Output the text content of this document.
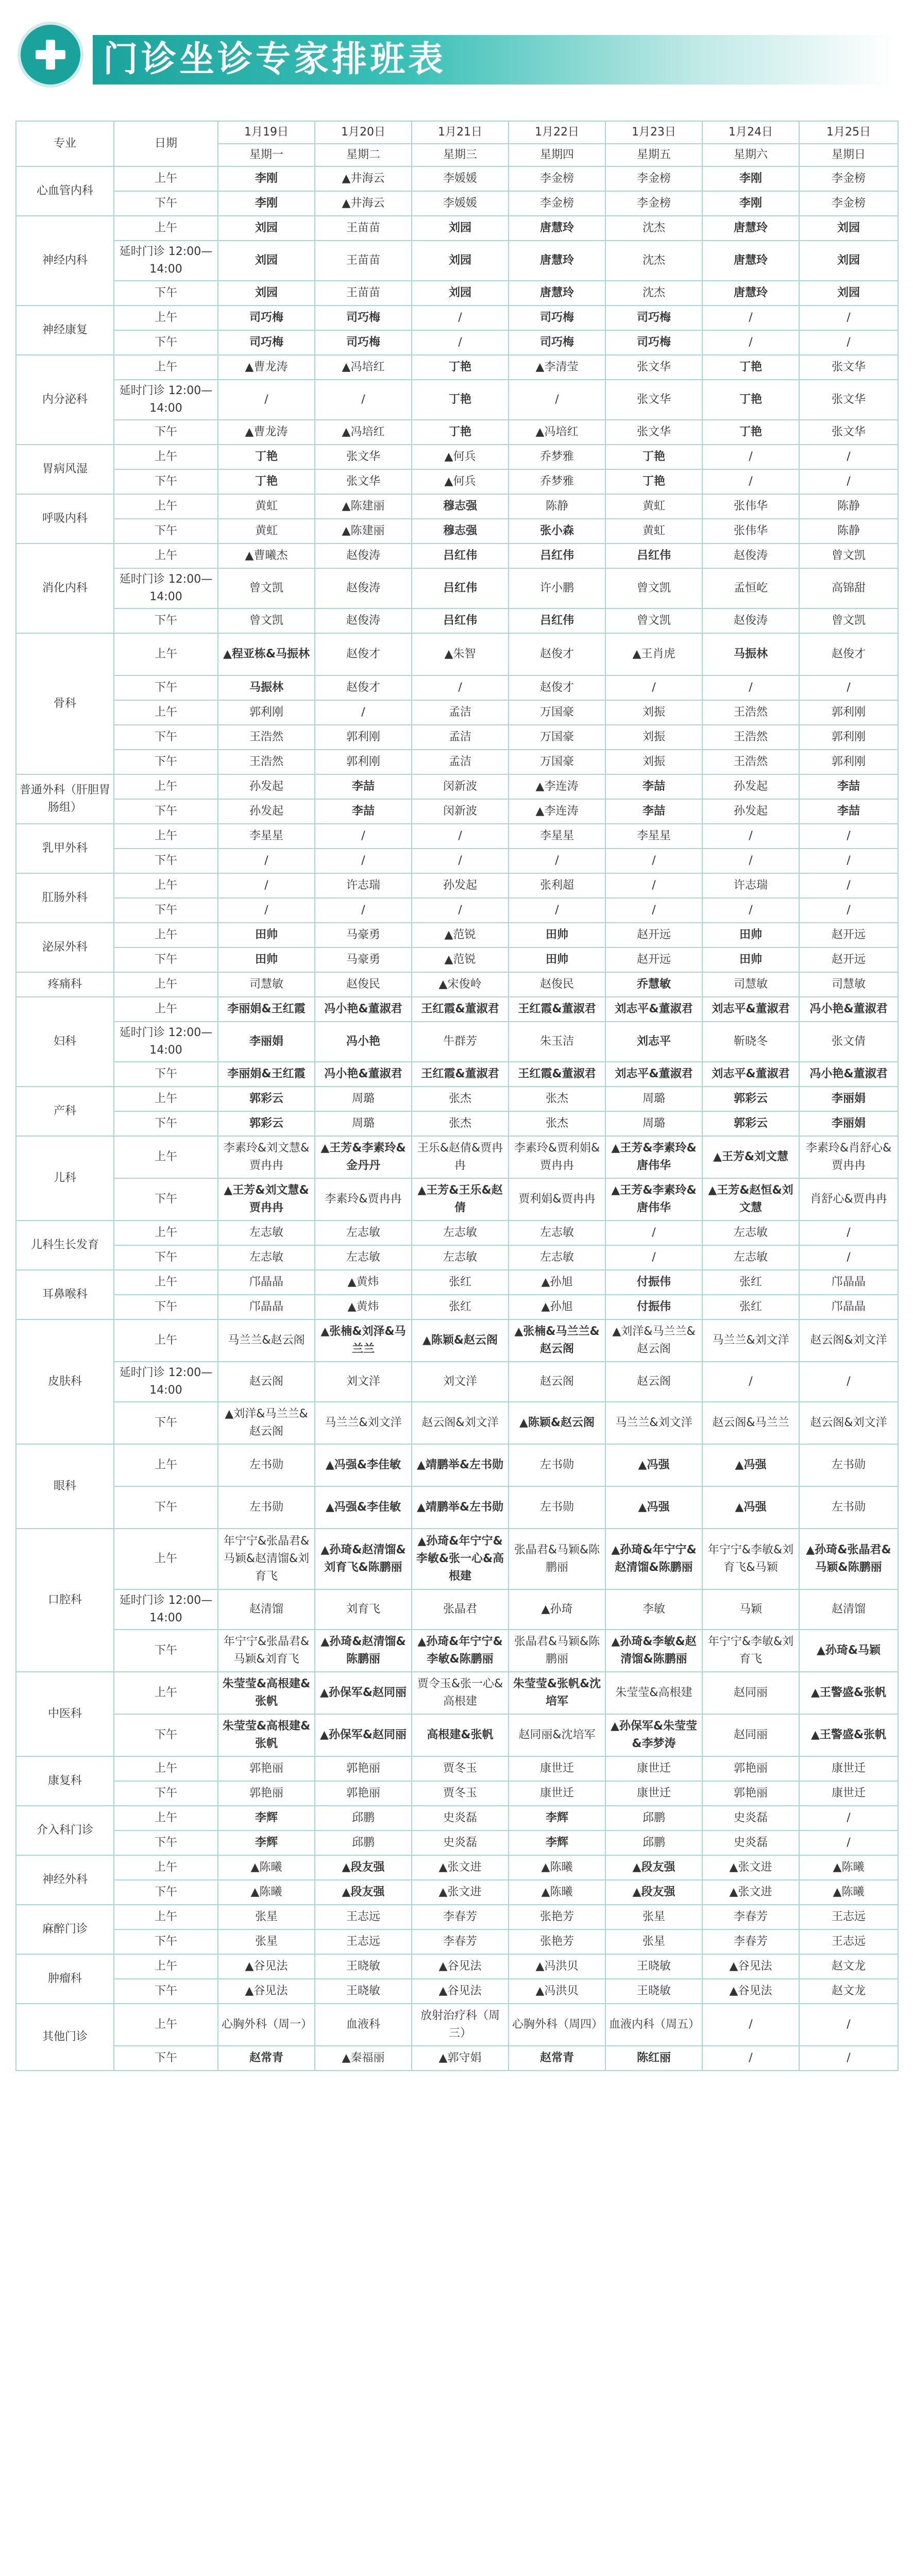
门诊坐诊专家排班表
专业	日期	1月19日	1月20日	1月21日	1月22日	1月23日	1月24日	1月25日
		星期一	星期二	星期三	星期四	星期五	星期六	星期日
心血管内科	上午	李刚	▲井海云	李媛媛	李金榜	李金榜	李刚	李金榜
	下午	李刚	▲井海云	李媛媛	李金榜	李金榜	李刚	李金榜
神经内科	上午	刘园	王苗苗	刘园	唐慧玲	沈杰	唐慧玲	刘园
	延时门诊 12:00—14:00	刘园	王苗苗	刘园	唐慧玲	沈杰	唐慧玲	刘园
	下午	刘园	王苗苗	刘园	唐慧玲	沈杰	唐慧玲	刘园
神经康复	上午	司巧梅	司巧梅	/	司巧梅	司巧梅	/	/
	下午	司巧梅	司巧梅	/	司巧梅	司巧梅	/	/
内分泌科	上午	▲曹龙涛	▲冯培红	丁艳	▲李清莹	张文华	丁艳	张文华
	延时门诊 12:00—14:00	/	/	丁艳	/	张文华	丁艳	张文华
	下午	▲曹龙涛	▲冯培红	丁艳	▲冯培红	张文华	丁艳	张文华
胃病风湿	上午	丁艳	张文华	▲何兵	乔梦雅	丁艳	/	/
	下午	丁艳	张文华	▲何兵	乔梦雅	丁艳	/	/
呼吸内科	上午	黄虹	▲陈建丽	穆志强	陈静	黄虹	张伟华	陈静
	下午	黄虹	▲陈建丽	穆志强	张小森	黄虹	张伟华	陈静
消化内科	上午	▲曹曦杰	赵俊涛	吕红伟	吕红伟	吕红伟	赵俊涛	曾文凯
	延时门诊 12:00—14:00	曾文凯	赵俊涛	吕红伟	许小鹏	曾文凯	孟恒屹	高锦甜
	下午	曾文凯	赵俊涛	吕红伟	吕红伟	曾文凯	赵俊涛	曾文凯
骨科	上午	▲程亚栋&马振林	赵俊才	▲朱智	赵俊才	▲王肖虎	马振林	赵俊才
	下午	马振林	赵俊才	/	赵俊才	/	/	/
	上午	郭利刚	/	孟洁	万国豪	刘振	王浩然	郭利刚
	下午	王浩然	郭利刚	孟洁	万国豪	刘振	王浩然	郭利刚
	下午	王浩然	郭利刚	孟洁	万国豪	刘振	王浩然	郭利刚
普通外科（肝胆胃肠组）	上午	孙发起	李喆	闵新波	▲李连涛	李喆	孙发起	李喆
	下午	孙发起	李喆	闵新波	▲李连涛	李喆	孙发起	李喆
乳甲外科	上午	李星星	/	/	李星星	李星星	/	/
	下午	/	/	/	/	/	/	/
肛肠外科	上午	/	许志瑞	孙发起	张利超	/	许志瑞	/
	下午	/	/	/	/	/	/	/
泌尿外科	上午	田帅	马豪勇	▲范锐	田帅	赵开远	田帅	赵开远
	下午	田帅	马豪勇	▲范锐	田帅	赵开远	田帅	赵开远
疼痛科	上午	司慧敏	赵俊民	▲宋俊岭	赵俊民	乔慧敏	司慧敏	司慧敏
妇科	上午	李丽娟&王红霞	冯小艳&董淑君	王红霞&董淑君	王红霞&董淑君	刘志平&董淑君	刘志平&董淑君	冯小艳&董淑君
	延时门诊 12:00—14:00	李丽娟	冯小艳	牛群芳	朱玉洁	刘志平	靳晓冬	张文倩
	下午	李丽娟&王红霞	冯小艳&董淑君	王红霞&董淑君	王红霞&董淑君	刘志平&董淑君	刘志平&董淑君	冯小艳&董淑君
产科	上午	郭彩云	周璐	张杰	张杰	周璐	郭彩云	李丽娟
	下午	郭彩云	周璐	张杰	张杰	周璐	郭彩云	李丽娟
儿科	上午	李素玲&刘文慧&贾冉冉	▲王芳&李素玲&金丹丹	王乐&赵倩&贾冉冉	李素玲&贾利娟&贾冉冉	▲王芳&李素玲&唐伟华	▲王芳&刘文慧	李素玲&肖舒心&贾冉冉
	下午	▲王芳&刘文慧&贾冉冉	李素玲&贾冉冉	▲王芳&王乐&赵倩	贾利娟&贾冉冉	▲王芳&李素玲&唐伟华	▲王芳&赵恒&刘文慧	肖舒心&贾冉冉
儿科生长发育	上午	左志敏	左志敏	左志敏	左志敏	/	左志敏	/
	下午	左志敏	左志敏	左志敏	左志敏	/	左志敏	/
耳鼻喉科	上午	邝晶晶	▲黄炜	张红	▲孙旭	付振伟	张红	邝晶晶
	下午	邝晶晶	▲黄炜	张红	▲孙旭	付振伟	张红	邝晶晶
皮肤科	上午	马兰兰&赵云阁	▲张楠&刘泽&马兰兰	▲陈颖&赵云阁	▲张楠&马兰兰&赵云阁	▲刘洋&马兰兰&赵云阁	马兰兰&刘文洋	赵云阁&刘文洋
	延时门诊 12:00—14:00	赵云阁	刘文洋	刘文洋	赵云阁	赵云阁	/	/
	下午	▲刘洋&马兰兰&赵云阁	马兰兰&刘文洋	赵云阁&刘文洋	▲陈颖&赵云阁	马兰兰&刘文洋	赵云阁&马兰兰	赵云阁&刘文洋
眼科	上午	左书勋	▲冯强&李佳敏	▲靖鹏举&左书勋	左书勋	▲冯强	▲冯强	左书勋
	下午	左书勋	▲冯强&李佳敏	▲靖鹏举&左书勋	左书勋	▲冯强	▲冯强	左书勋
口腔科	上午	年宁宁&张晶君&马颖&赵清馏&刘育飞	▲孙琦&赵清馏&刘育飞&陈鹏丽	▲孙琦&年宁宁&李敏&张一心&高根建	张晶君&马颖&陈鹏丽	▲孙琦&年宁宁&赵清馏&陈鹏丽	年宁宁&李敏&刘育飞&马颖	▲孙琦&张晶君&马颖&陈鹏丽
	延时门诊 12:00—14:00	赵清馏	刘育飞	张晶君	▲孙琦	李敏	马颖	赵清馏
	下午	年宁宁&张晶君&马颖&刘育飞	▲孙琦&赵清馏&陈鹏丽	▲孙琦&年宁宁&李敏&陈鹏丽	张晶君&马颖&陈鹏丽	▲孙琦&李敏&赵清馏&陈鹏丽	年宁宁&李敏&刘育飞	▲孙琦&马颖
中医科	上午	朱莹莹&高根建&张帆	▲孙保军&赵同丽	贾令玉&张一心&高根建	朱莹莹&张帆&沈培军	朱莹莹&高根建	赵同丽	▲王警盛&张帆
	下午	朱莹莹&高根建&张帆	▲孙保军&赵同丽	高根建&张帆	赵同丽&沈培军	▲孙保军&朱莹莹&李梦涛	赵同丽	▲王警盛&张帆
康复科	上午	郭艳丽	郭艳丽	贾冬玉	康世迁	康世迁	郭艳丽	康世迁
	下午	郭艳丽	郭艳丽	贾冬玉	康世迁	康世迁	郭艳丽	康世迁
介入科门诊	上午	李辉	邱鹏	史炎磊	李辉	邱鹏	史炎磊	/
	下午	李辉	邱鹏	史炎磊	李辉	邱鹏	史炎磊	/
神经外科	上午	▲陈曦	▲段友强	▲张文进	▲陈曦	▲段友强	▲张文进	▲陈曦
	下午	▲陈曦	▲段友强	▲张文进	▲陈曦	▲段友强	▲张文进	▲陈曦
麻醉门诊	上午	张星	王志远	李春芳	张艳芳	张星	李春芳	王志远
	下午	张星	王志远	李春芳	张艳芳	张星	李春芳	王志远
肿瘤科	上午	▲谷见法	王晓敏	▲谷见法	▲冯洪贝	王晓敏	▲谷见法	赵文龙
	下午	▲谷见法	王晓敏	▲谷见法	▲冯洪贝	王晓敏	▲谷见法	赵文龙
其他门诊	上午	心胸外科（周一）	血液科	放射治疗科（周三）	心胸外科（周四）	血液内科（周五）	/	/
	下午	赵常青	▲秦福丽	▲郭守娟	赵常青	陈红丽	/	/
